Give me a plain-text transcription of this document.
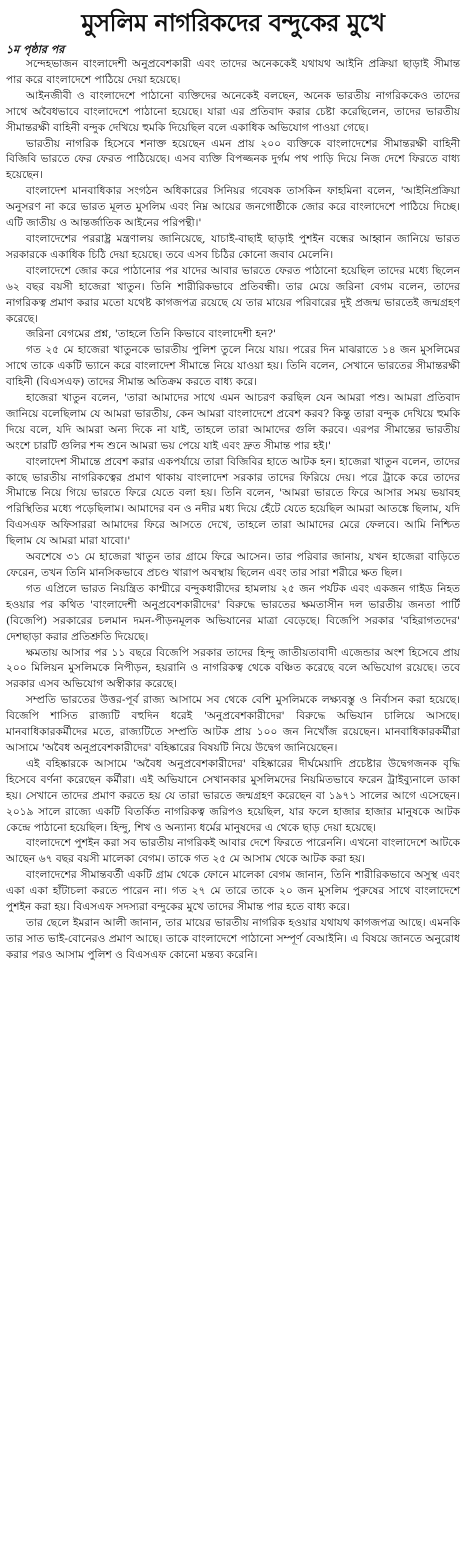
মুসলিম নাগরিকদের বন্দুকের মুখে
১ম পৃষ্ঠার পর

সন্দেহভাজন বাংলাদেশী অনুপ্রবেশকারী এবং তাদের অনেককেই যথাযথ আইনি প্রক্রিয়া ছাড়াই সীমান্ত পার করে বাংলাদেশে পাঠিয়ে দেয়া হয়েছে।

আইনজীবী ও বাংলাদেশে পাঠানো ব্যক্তিদের অনেকেই বলছেন, অনেক ভারতীয় নাগরিককেও তাদের সাথে অবৈধভাবে বাংলাদেশে পাঠানো হয়েছে। যারা এর প্রতিবাদ করার চেষ্টা করেছিলেন, তাদের ভারতীয় সীমান্তরক্ষী বাহিনী বন্দুক দেখিয়ে হুমকি দিয়েছিল বলে একাধিক অভিযোগ পাওয়া গেছে।

ভারতীয় নাগরিক হিসেবে শনাক্ত হয়েছেন এমন প্রায় ২০০ ব্যক্তিকে বাংলাদেশের সীমান্তরক্ষী বাহিনী বিজিবি ভারতে ফের ফেরত পাঠিয়েছে। এসব ব্যক্তি বিপজ্জনক দুর্গম পথ পাড়ি দিয়ে নিজ দেশে ফিরতে বাধ্য হয়েছেন।

বাংলাদেশ মানবাধিকার সংগঠন অধিকারের সিনিয়র গবেষক তাসকিন ফাহমিনা বলেন, 'আইনিপ্রক্রিয়া অনুসরণ না করে ভারত মূলত মুসলিম এবং নিম্ন আয়ের জনগোষ্ঠীকে জোর করে বাংলাদেশে পাঠিয়ে দিচ্ছে। এটি জাতীয় ও আন্তর্জাতিক আইনের পরিপন্থী।'

বাংলাদেশের পররাষ্ট্র মন্ত্রণালয় জানিয়েছে, যাচাই-বাছাই ছাড়াই পুশইন বন্ধের আহ্বান জানিয়ে ভারত সরকারকে একাধিক চিঠি দেয়া হয়েছে। তবে এসব চিঠির কোনো জবাব মেলেনি।

বাংলাদেশে জোর করে পাঠানোর পর যাদের আবার ভারতে ফেরত পাঠানো হয়েছিল তাদের মধ্যে ছিলেন ৬২ বছর বয়সী হাজেরা খাতুন। তিনি শারীরিকভাবে প্রতিবন্ধী। তার মেয়ে জরিনা বেগম বলেন, তাদের নাগরিকত্ব প্রমাণ করার মতো যথেষ্ট কাগজপত্র রয়েছে যে তার মায়ের পরিবারের দুই প্রজন্ম ভারতেই জন্মগ্রহণ করেছে।

জরিনা বেগমের প্রশ্ন, 'তাহলে তিনি কিভাবে বাংলাদেশী হন?'

গত ২৫ মে হাজেরা খাতুনকে ভারতীয় পুলিশ তুলে নিয়ে যায়। পরের দিন মাঝরাতে ১৪ জন মুসলিমের সাথে তাকে একটি ভ্যানে করে বাংলাদেশ সীমান্তে নিয়ে যাওয়া হয়। তিনি বলেন, সেখানে ভারতের সীমান্তরক্ষী বাহিনী (বিএসএফ) তাদের সীমান্ত অতিক্রম করতে বাধ্য করে।

হাজেরা খাতুন বলেন, 'তারা আমাদের সাথে এমন আচরণ করছিল যেন আমরা পশু। আমরা প্রতিবাদ জানিয়ে বলেছিলাম যে আমরা ভারতীয়, কেন আমরা বাংলাদেশে প্রবেশ করব? কিন্তু তারা বন্দুক দেখিয়ে হুমকি দিয়ে বলে, যদি আমরা অন্য দিকে না যাই, তাহলে তারা আমাদের গুলি করবে। এরপর সীমান্তের ভারতীয় অংশে চারটি গুলির শব্দ শুনে আমরা ভয় পেয়ে যাই এবং দ্রুত সীমান্ত পার হই।'

বাংলাদেশ সীমান্তে প্রবেশ করার একপর্যায়ে তারা বিজিবির হাতে আটক হন। হাজেরা খাতুন বলেন, তাদের কাছে ভারতীয় নাগরিকত্বের প্রমাণ থাকায় বাংলাদেশ সরকার তাদের ফিরিয়ে দেয়। পরে ট্রাকে করে তাদের সীমান্তে নিয়ে গিয়ে ভারতে ফিরে যেতে বলা হয়। তিনি বলেন, 'আমরা ভারতে ফিরে আসার সময় ভয়াবহ পরিস্থিতির মধ্যে পড়েছিলাম। আমাদের বন ও নদীর মধ্য দিয়ে হেঁটে যেতে হয়েছিল আমরা আতঙ্কে ছিলাম, যদি বিএসএফ অফিসাররা আমাদের ফিরে আসতে দেখে, তাহলে তারা আমাদের মেরে ফেলবে। আমি নিশ্চিত ছিলাম যে আমরা মারা যাবো।'

অবশেষে ৩১ মে হাজেরা খাতুন তার গ্রামে ফিরে আসেন। তার পরিবার জানায়, যখন হাজেরা বাড়িতে ফেরেন, তখন তিনি মানসিকভাবে প্রচণ্ড খারাপ অবস্থায় ছিলেন এবং তার সারা শরীরে ক্ষত ছিল।

গত এপ্রিলে ভারত নিয়ন্ত্রিত কাশ্মীরে বন্দুকধারীদের হামলায় ২৫ জন পর্যটক এবং একজন গাইড নিহত হওয়ার পর কথিত 'বাংলাদেশী অনুপ্রবেশকারীদের' বিরুদ্ধে ভারতের ক্ষমতাসীন দল ভারতীয় জনতা পার্টি (বিজেপি) সরকারের চলমান দমন-পীড়নমূলক অভিযানের মাত্রা বেড়েছে। বিজেপি সরকার 'বহিরাগতদের' দেশছাড়া করার প্রতিশ্রুতি দিয়েছে।

ক্ষমতায় আসার পর ১১ বছরে বিজেপি সরকার তাদের হিন্দু জাতীয়তাবাদী এজেন্ডার অংশ হিসেবে প্রায় ২০০ মিলিয়ন মুসলিমকে নিপীড়ন, হয়রানি ও নাগরিকত্ব থেকে বঞ্চিত করেছে বলে অভিযোগ রয়েছে। তবে সরকার এসব অভিযোগ অস্বীকার করেছে।

সম্প্রতি ভারতের উত্তর-পূর্ব রাজ্য আসামে সব থেকে বেশি মুসলিমকে লক্ষ্যবস্তু ও নির্বাসন করা হয়েছে। বিজেপি শাসিত রাজ্যটি বহুদিন ধরেই 'অনুপ্রবেশকারীদের' বিরুদ্ধে অভিযান চালিয়ে আসছে। মানবাধিকারকর্মীদের মতে, রাজ্যটিতে সম্প্রতি আটক প্রায় ১০০ জন নিখোঁজ রয়েছেন। মানবাধিকারকর্মীরা আসামে 'অবৈধ অনুপ্রবেশকারীদের' বহিষ্কারের বিষয়টি নিয়ে উদ্বেগ জানিয়েছেন।

এই বহিষ্কারকে আসামে 'অবৈধ অনুপ্রবেশকারীদের' বহিষ্কারের দীর্ঘমেয়াদি প্রচেষ্টার উদ্বেগজনক বৃদ্ধি হিসেবে বর্ণনা করেছেন কর্মীরা। এই অভিযানে সেখানকার মুসলিমদের নিয়মিতভাবে ফরেন ট্রাইব্যুনালে ডাকা হয়। সেখানে তাদের প্রমাণ করতে হয় যে তারা ভারতে জন্মগ্রহণ করেছেন বা ১৯৭১ সালের আগে এসেছেন। ২০১৯ সালে রাজ্যে একটি বিতর্কিত নাগরিকত্ব জরিপও হয়েছিল, যার ফলে হাজার হাজার মানুষকে আটক কেন্দ্রে পাঠানো হয়েছিল। হিন্দু, শিখ ও অন্যান্য ধর্মের মানুষদের এ থেকে ছাড় দেয়া হয়েছে।

বাংলাদেশে পুশইন করা সব ভারতীয় নাগরিকই আবার দেশে ফিরতে পারেননি। এখনো বাংলাদেশে আটকে আছেন ৬৭ বছর বয়সী মালেকা বেগম। তাকে গত ২৫ মে আসাম থেকে আটক করা হয়।

বাংলাদেশের সীমান্তবর্তী একটি গ্রাম থেকে ফোনে মালেকা বেগম জানান, তিনি শারীরিকভাবে অসুস্থ এবং একা একা হাঁটাচলা করতে পারেন না। গত ২৭ মে তারে তাকে ২০ জন মুসলিম পুরুষের সাথে বাংলাদেশে পুশইন করা হয়। বিএসএফ সদস্যরা বন্দুকের মুখে তাদের সীমান্ত পার হতে বাধ্য করে।

তার ছেলে ইমরান আলী জানান, তার মায়ের ভারতীয় নাগরিক হওয়ার যথাযথ কাগজপত্র আছে। এমনকি তার সাত ভাই-বোনেরও প্রমাণ আছে। তাকে বাংলাদেশে পাঠানো সম্পূর্ণ বেআইনি। এ বিষয়ে জানতে অনুরোধ করার পরও আসাম পুলিশ ও বিএসএফ কোনো মন্তব্য করেনি।
